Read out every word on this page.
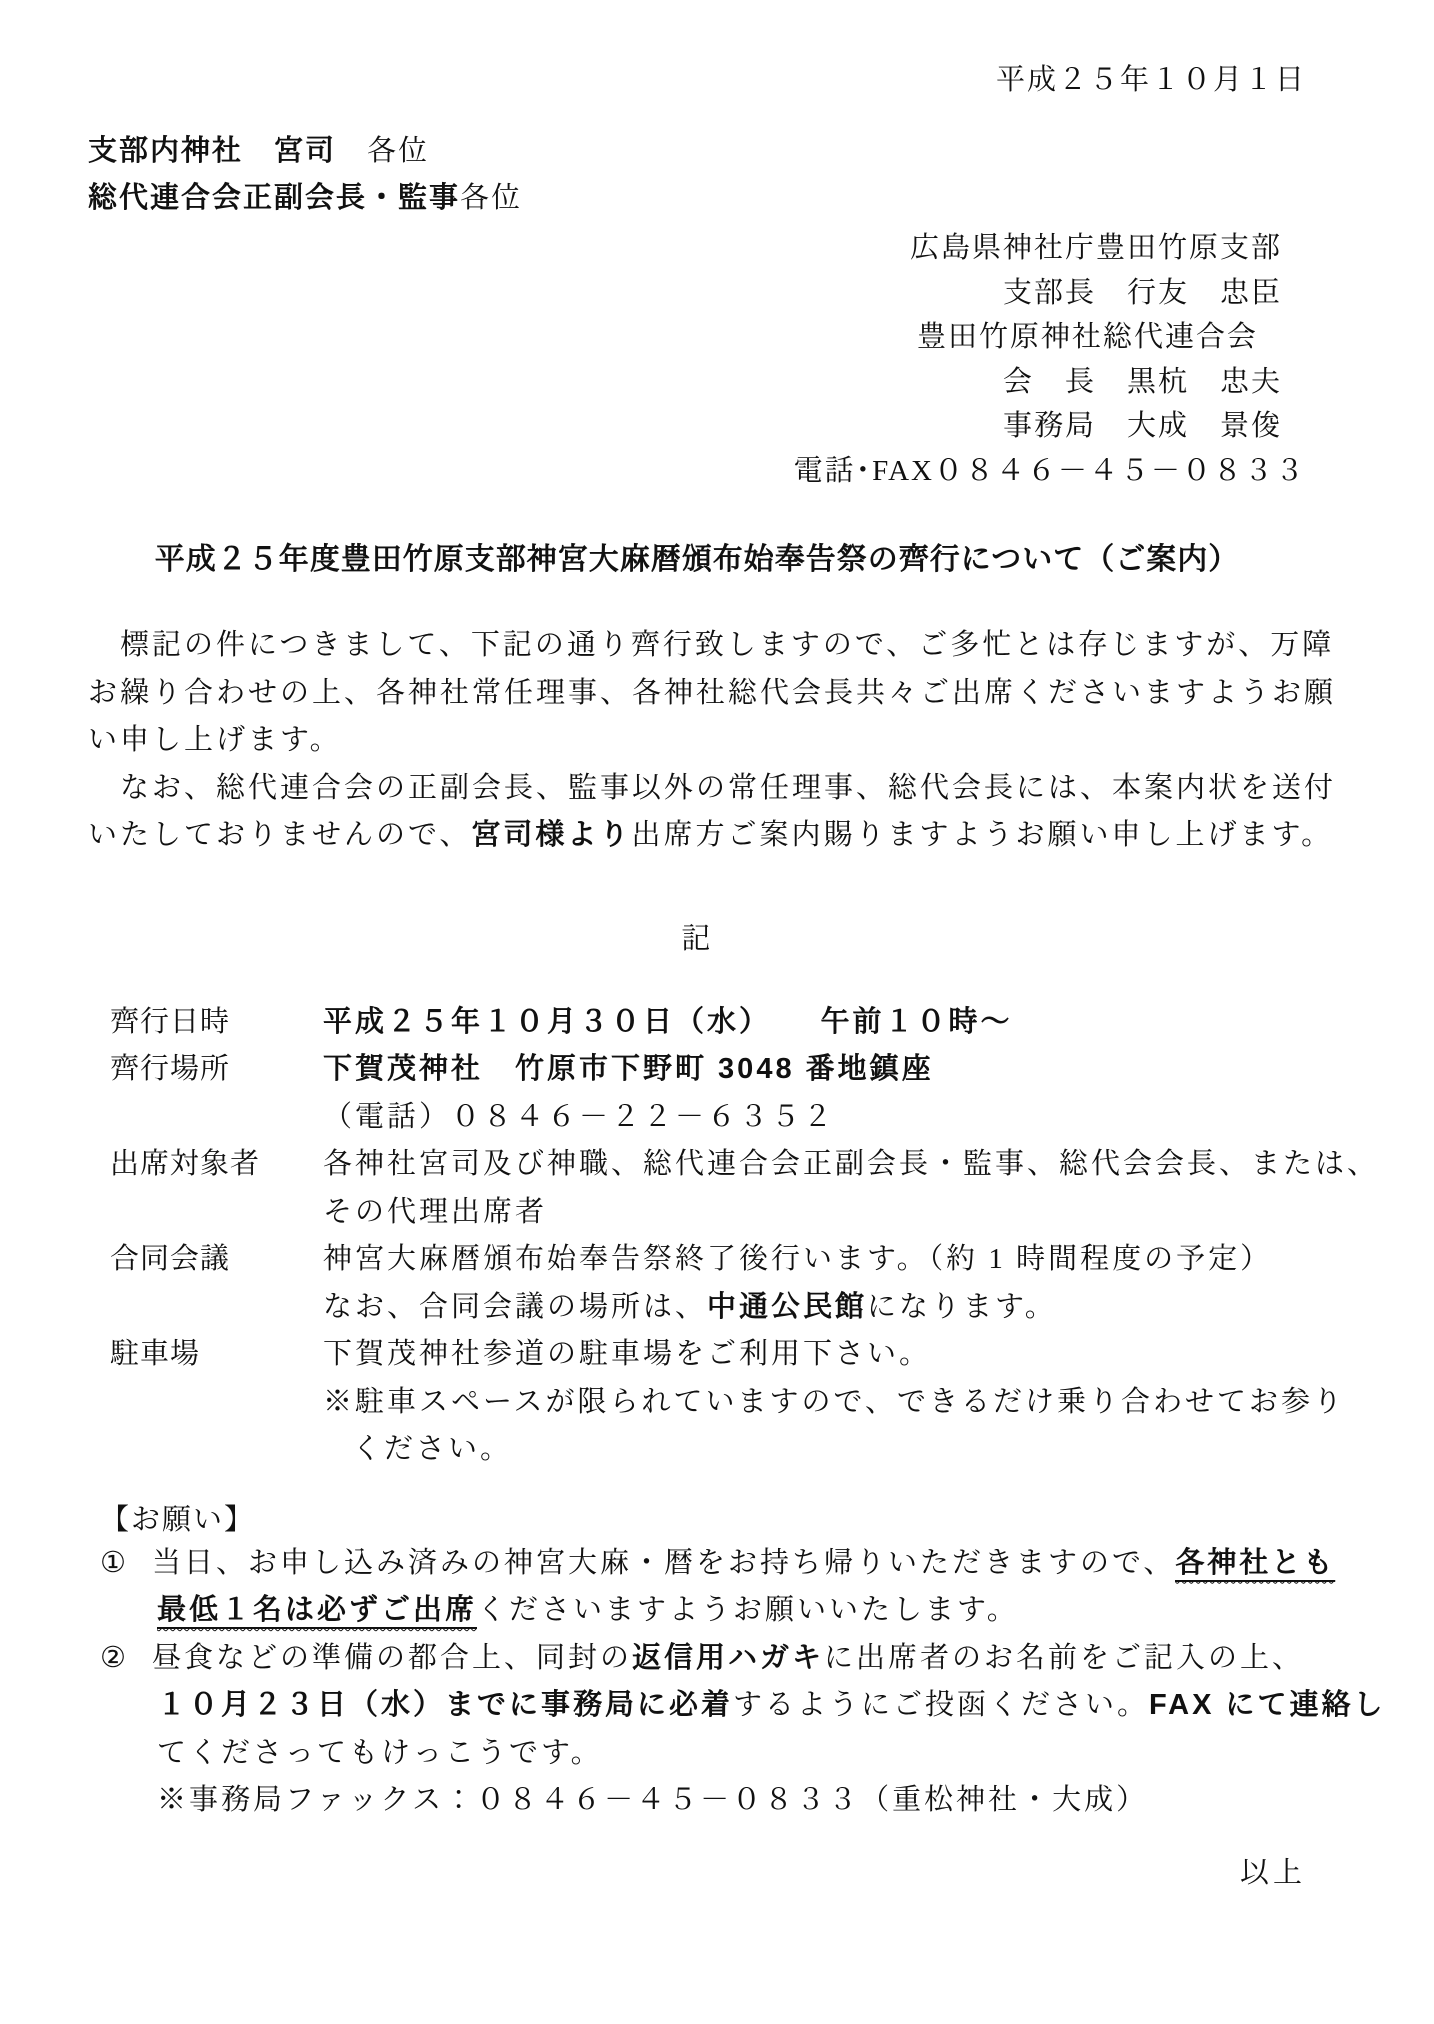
平成２５年１０月１日
支部内神社　宮司　各位
総代連合会正副会長・監事各位
広島県神社庁豊田竹原支部
支部長　行友　忠臣
豊田竹原神社総代連合会
会　長　黒杭　忠夫
事務局　大成　景俊
電話･FAX０８４６－４５－０８３３
平成２５年度豊田竹原支部神宮大麻暦頒布始奉告祭の齊行について（ご案内）
　標記の件につきまして、下記の通り齊行致しますので、ご多忙とは存じますが、万障
お繰り合わせの上、各神社常任理事、各神社総代会長共々ご出席くださいますようお願
い申し上げます。
　なお、総代連合会の正副会長、監事以外の常任理事、総代会長には、本案内状を送付
いたしておりませんので、宮司様より出席方ご案内賜りますようお願い申し上げます。
記
齊行日時	平成２５年１０月３０日（水）　　午前１０時～
齊行場所	下賀茂神社　竹原市下野町 3048 番地鎮座
（電話）０８４６－２２－６３５２
出席対象者 各神社宮司及び神職、総代連合会正副会長・監事、総代会会長、または、
その代理出席者
合同会議	神宮大麻暦頒布始奉告祭終了後行います。（約 1 時間程度の予定）
なお、合同会議の場所は、中通公民館になります。
駐車場	下賀茂神社参道の駐車場をご利用下さい。
※駐車スペースが限られていますので、できるだけ乗り合わせてお参り
ください。
【お願い】
① 当日、お申し込み済みの神宮大麻・暦をお持ち帰りいただきますので、各神社とも
最低１名は必ずご出席くださいますようお願いいたします。
② 昼食などの準備の都合上、同封の返信用ハガキに出席者のお名前をご記入の上、
１０月２３日（水）までに事務局に必着するようにご投函ください。FAX にて連絡し
てくださってもけっこうです。
※事務局ファックス：０８４６－４５－０８３３（重松神社・大成）
以上
